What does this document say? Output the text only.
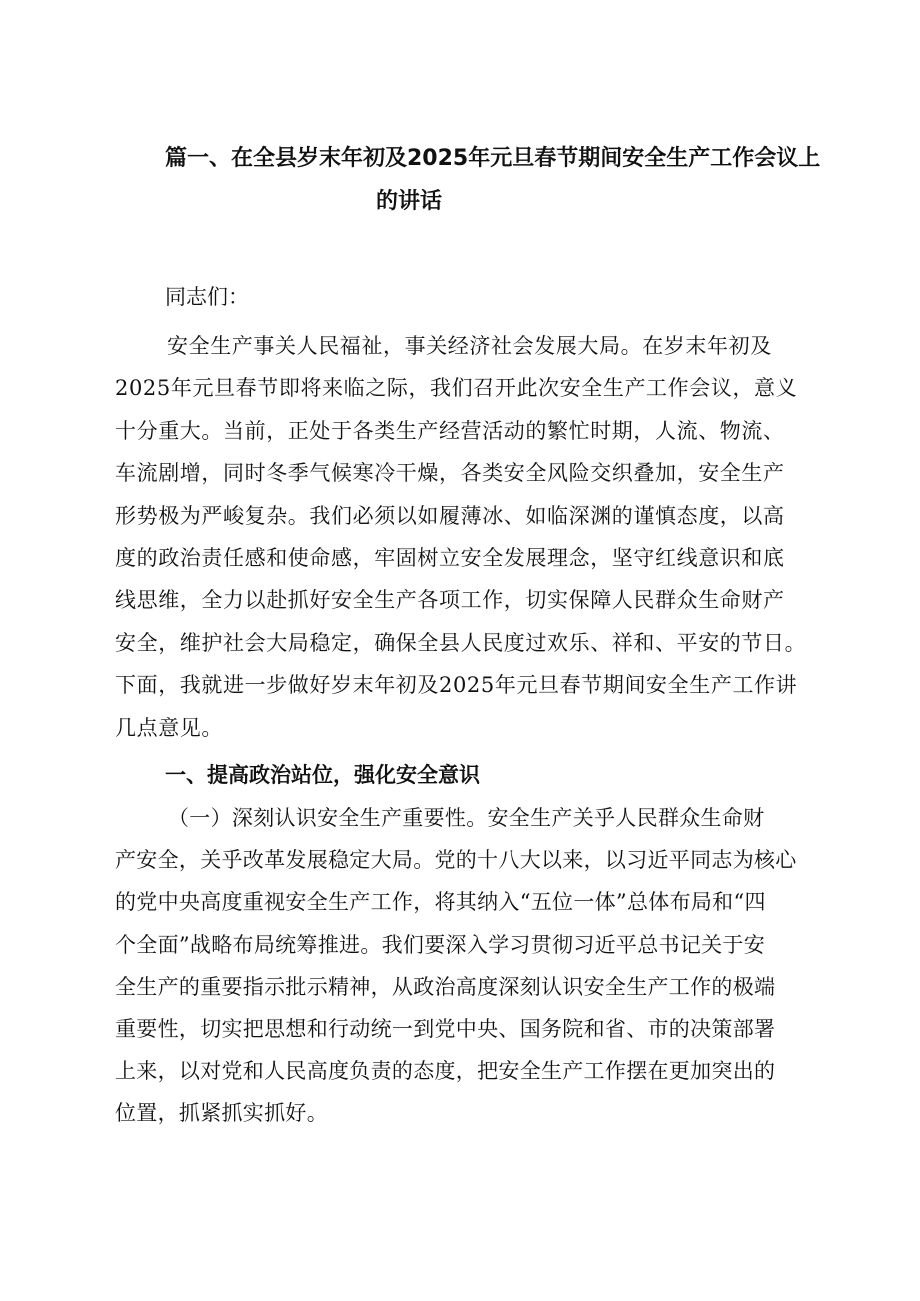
篇一、在全县岁末年初及2025年元旦春节期间安全生产工作会议上
的讲话

同志们：

安全生产事关人民福祉，事关经济社会发展大局。在岁末年初及
2025年元旦春节即将来临之际，我们召开此次安全生产工作会议，意义
十分重大。当前，正处于各类生产经营活动的繁忙时期，人流、物流、
车流剧增，同时冬季气候寒冷干燥，各类安全风险交织叠加，安全生产
形势极为严峻复杂。我们必须以如履薄冰、如临深渊的谨慎态度，以高
度的政治责任感和使命感，牢固树立安全发展理念，坚守红线意识和底
线思维，全力以赴抓好安全生产各项工作，切实保障人民群众生命财产
安全，维护社会大局稳定，确保全县人民度过欢乐、祥和、平安的节日。
下面，我就进一步做好岁末年初及2025年元旦春节期间安全生产工作讲
几点意见。

一、提高政治站位，强化安全意识

（一）深刻认识安全生产重要性。安全生产关乎人民群众生命财
产安全，关乎改革发展稳定大局。党的十八大以来，以习近平同志为核心
的党中央高度重视安全生产工作，将其纳入“五位一体”总体布局和“四
个全面”战略布局统筹推进。我们要深入学习贯彻习近平总书记关于安
全生产的重要指示批示精神，从政治高度深刻认识安全生产工作的极端
重要性，切实把思想和行动统一到党中央、国务院和省、市的决策部署
上来，以对党和人民高度负责的态度，把安全生产工作摆在更加突出的
位置，抓紧抓实抓好。
